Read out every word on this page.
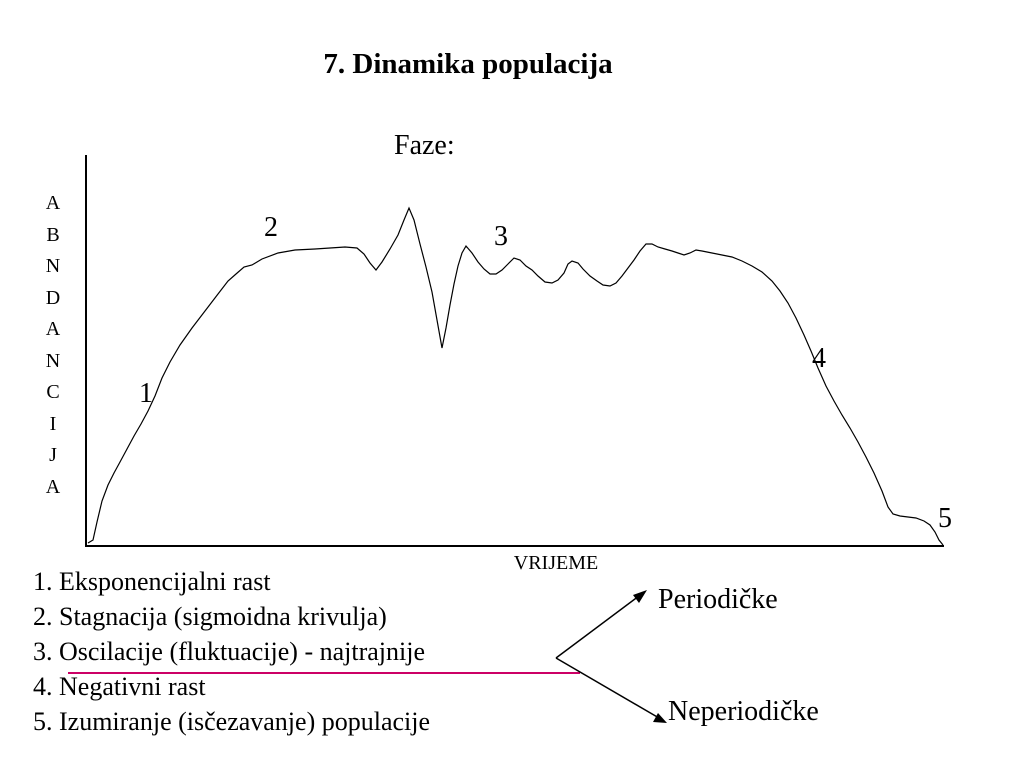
7. Dinamika populacija
Faze:
A
B
N
D
A
N
C
I
J
A
1
2	3
4
5
VRIJEME
1. Eksponencijalni rast
2. Stagnacija (sigmoidna krivulja)
3. Oscilacije (fluktuacije) - najtrajnije
4. Negativni rast
5. Izumiranje (isčezavanje) populacije
Periodičke
Neperiodičke
